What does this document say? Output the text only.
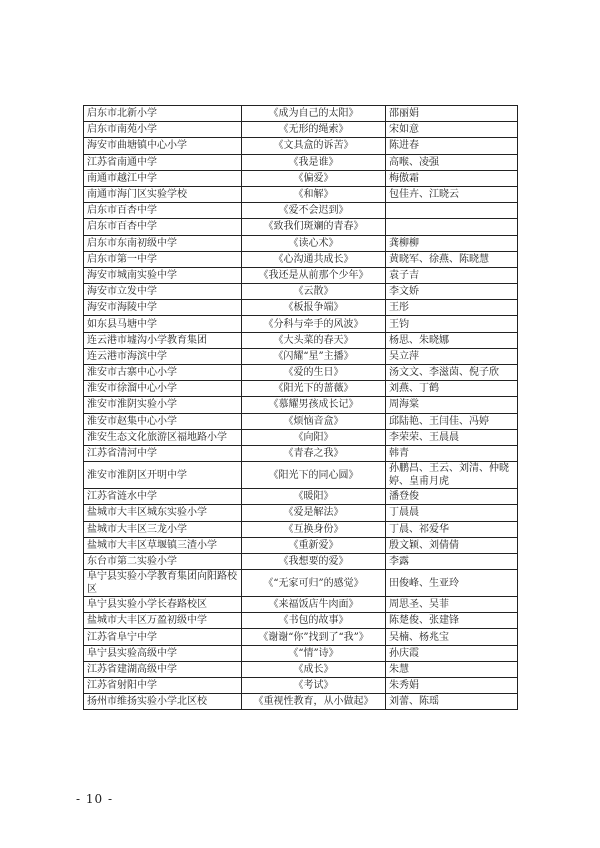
启东市北新小学	《成为自己的太阳》	邵丽娟
启东市南苑小学	《无形的绳索》	宋如意
海安市曲塘镇中心小学	《文具盒的诉苦》	陈进春
江苏省南通中学	《我是谁》	高喉、凌强
南通市越江中学	《偏爱》	梅傲霜
南通市海门区实验学校	《和解》	包佳卉、江晓云
启东市百杏中学	《爱不会迟到》	
启东市百杏中学	《致我们斑斓的青春》	
启东市东南初级中学	《读心术》	龚柳柳
启东市第一中学	《心沟通共成长》	黄晓军、徐燕、陈晓慧
海安市城南实验中学	《我还是从前那个少年》	袁子吉
海安市立发中学	《云散》	李文娇
海安市海陵中学	《板报争端》	王彤
如东县马塘中学	《分科与牵手的风波》	王钧
连云港市墟沟小学教育集团	《大头菜的春天》	杨思、朱晓娜
连云港市海滨中学	《闪耀“星”主播》	吴立萍
淮安市古寨中心小学	《爱的生日》	汤文文、李滋茵、倪子欣
淮安市徐溜中心小学	《阳光下的蔷薇》	刘燕、丁鹤
淮安市淮阴实验小学	《慕耀男孩成长记》	周海棠
淮安市赵集中心小学	《烦恼音盒》	邱陆艳、王闫佳、冯婷
淮安生态文化旅游区福地路小学	《向阳》	李荣荣、王晨晨
江苏省清河中学	《青春之我》	韩青
淮安市淮阴区开明中学	《阳光下的同心圆》	孙鹏昌、王云、刘清、仲晓婷、皇甫月虎
江苏省涟水中学	《暖阳》	潘登俊
盐城市大丰区城东实验小学	《爱是解法》	丁晨晨
盐城市大丰区三龙小学	《互换身份》	丁晨、祁爱华
盐城市大丰区草堰镇三渣小学	《重新爱》	殷文颖、刘倩倩
东台市第二实验小学	《我想要的爱》	李露
阜宁县实验小学教育集团向阳路校区	《“无家可归”的感觉》	田俊峰、生亚玲
阜宁县实验小学长春路校区	《来福饭店牛肉面》	周思圣、吴菲
盐城市大丰区万盈初级中学	《书包的故事》	陈楚俊、张建锋
江苏省阜宁中学	《谢谢“你”找到了“我”》	吴楠、杨兆宝
阜宁县实验高级中学	《“情”诗》	孙庆霞
江苏省建湖高级中学	《成长》	朱慧
江苏省射阳中学	《考试》	朱秀娟
扬州市维扬实验小学北区校	《重视性教育，从小做起》	刘蕾、陈瑶
- 10 -
